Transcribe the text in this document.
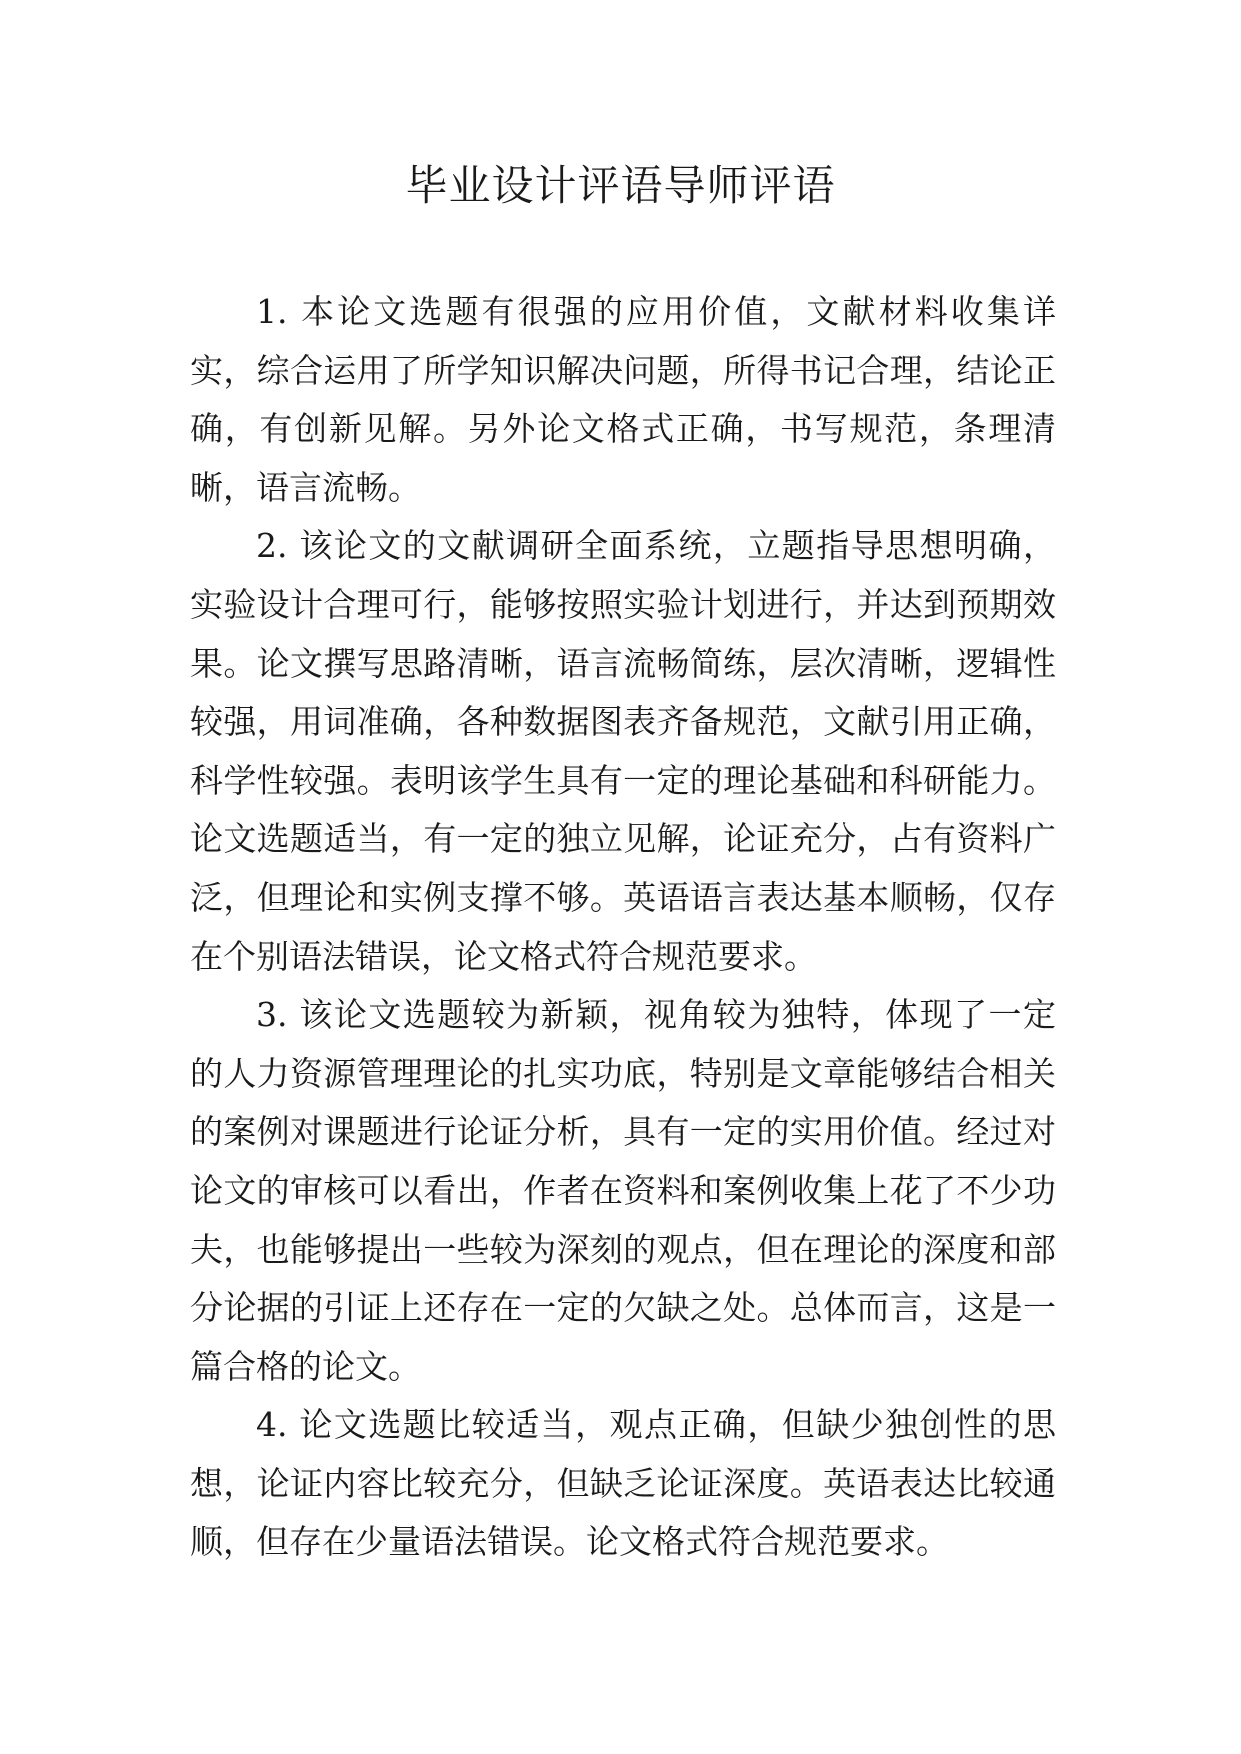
毕业设计评语导师评语

1. 本论文选题有很强的应用价值，文献材料收集详实，综合运用了所学知识解决问题，所得书记合理，结论正确，有创新见解。另外论文格式正确，书写规范，条理清晰，语言流畅。

2. 该论文的文献调研全面系统，立题指导思想明确，实验设计合理可行，能够按照实验计划进行，并达到预期效果。论文撰写思路清晰，语言流畅简练，层次清晰，逻辑性较强，用词准确，各种数据图表齐备规范，文献引用正确，科学性较强。表明该学生具有一定的理论基础和科研能力。论文选题适当，有一定的独立见解，论证充分，占有资料广泛，但理论和实例支撑不够。英语语言表达基本顺畅，仅存在个别语法错误，论文格式符合规范要求。

3. 该论文选题较为新颖，视角较为独特，体现了一定的人力资源管理理论的扎实功底，特别是文章能够结合相关的案例对课题进行论证分析，具有一定的实用价值。经过对论文的审核可以看出，作者在资料和案例收集上花了不少功夫，也能够提出一些较为深刻的观点，但在理论的深度和部分论据的引证上还存在一定的欠缺之处。总体而言，这是一篇合格的论文。

4. 论文选题比较适当，观点正确，但缺少独创性的思想，论证内容比较充分，但缺乏论证深度。英语表达比较通顺，但存在少量语法错误。论文格式符合规范要求。
